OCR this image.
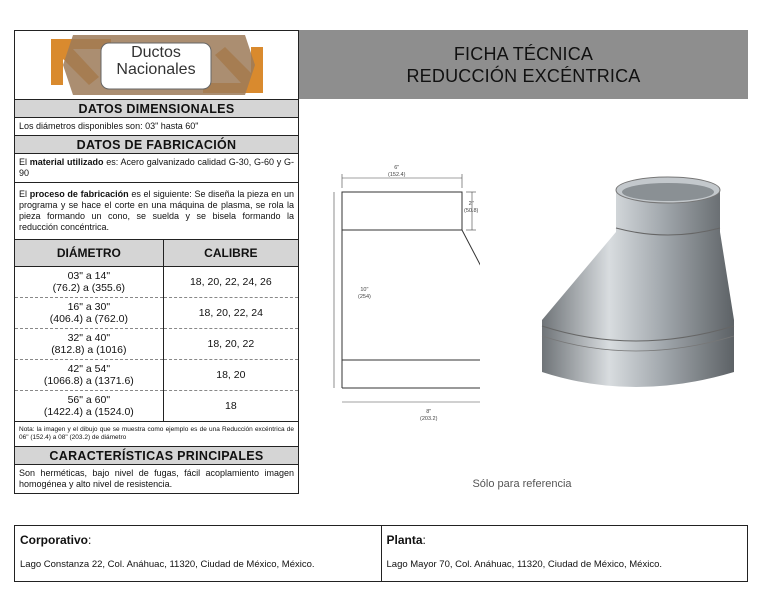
Ductos
Nacionales
DATOS DIMENSIONALES
Los diámetros disponibles son: 03" hasta 60"
DATOS DE FABRICACIÓN
El material utilizado es: Acero galvanizado calidad G-30, G-60 y G-90
El proceso de fabricación es el siguiente: Se diseña la pieza en un programa y se hace el corte en una máquina de plasma, se rola la pieza formando un cono, se suelda y se bisela formando la reducción concéntrica.
DIÁMETRO	CALIBRE

03" a 14"
(76.2) a (355.6)	18, 20, 22, 24, 26

16" a 30"
(406.4) a (762.0)	18, 20, 22, 24

32" a 40"
(812.8) a (1016)	18, 20, 22

42" a 54"
(1066.8) a (1371.6)	18, 20

56" a 60"
(1422.4) a (1524.0)	18
Nota: la imagen y el dibujo que se muestra como ejemplo es de una Reducción excéntrica de 06" (152.4) a 08" (203.2) de diámetro
CARACTERÍSTICAS PRINCIPALES
Son herméticas, bajo nivel de fugas, fácil acoplamiento imagen homogénea y alto nivel de resistencia.
FICHA TÉCNICA
REDUCCIÓN EXCÉNTRICA
6"
(152.4)
2"
(50.8)
10"
(254)
8"
(203.2)
Sólo para referencia
Corporativo:
Lago Constanza 22, Col. Anáhuac, 11320, Ciudad de México, México.
Planta:
Lago Mayor 70, Col. Anáhuac, 11320, Ciudad de México, México.
